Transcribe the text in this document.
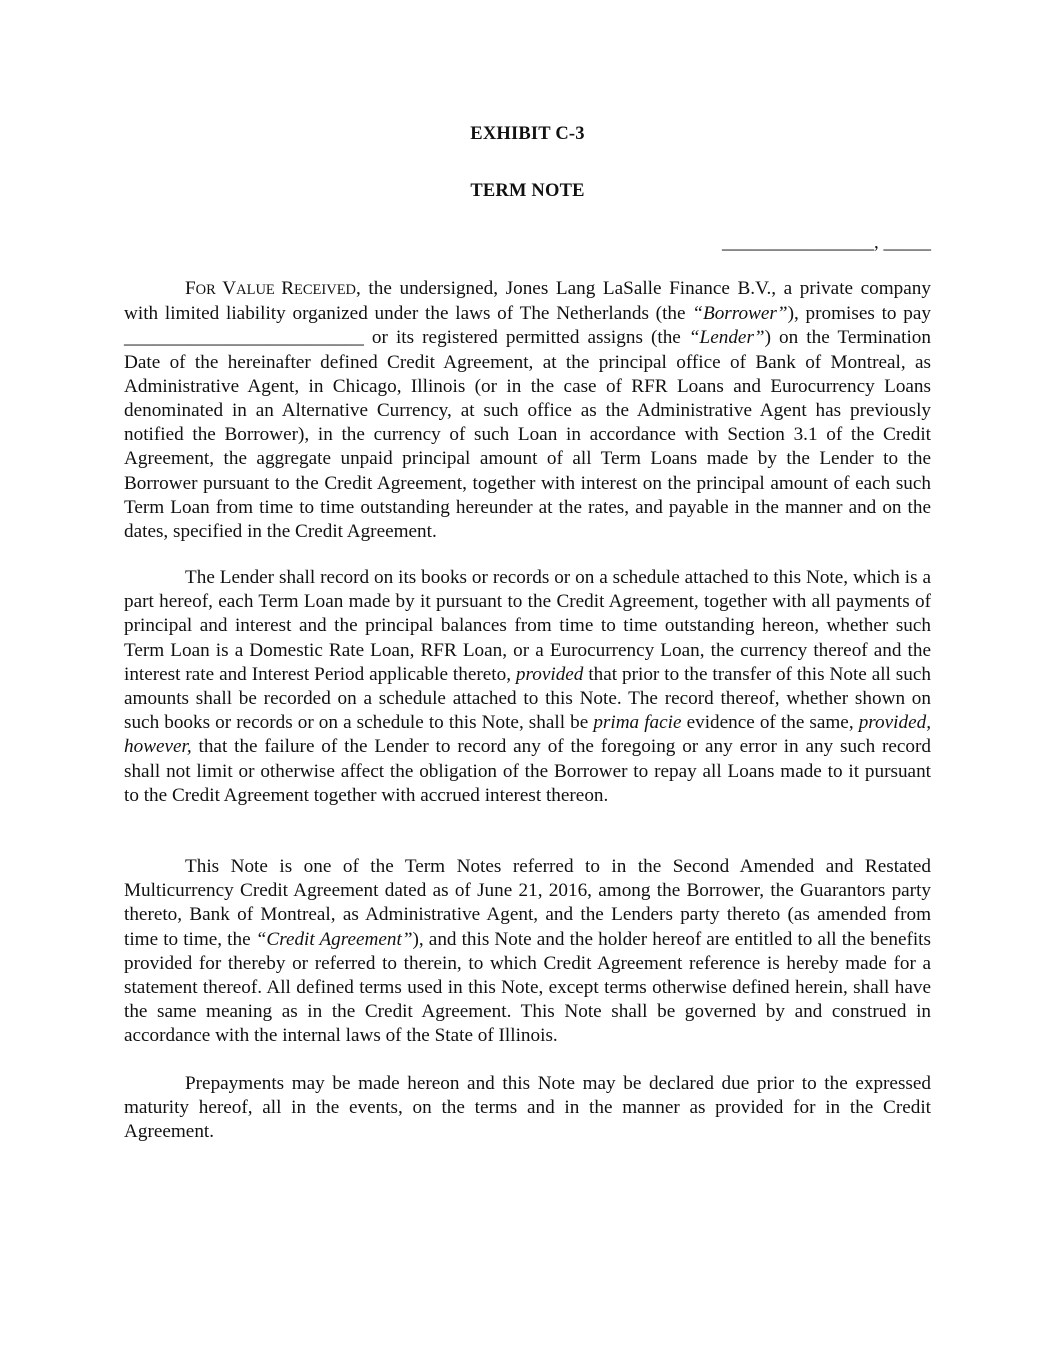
EXHIBIT C-3
TERM NOTE
________________, _____

FOR VALUE RECEIVED, the undersigned, Jones Lang LaSalle Finance B.V., a private company with limited liability organized under the laws of The Netherlands (the “Borrower”), promises to pay _________________________ or its registered permitted assigns (the “Lender”) on the Termination Date of the hereinafter defined Credit Agreement, at the principal office of Bank of Montreal, as Administrative Agent, in Chicago, Illinois (or in the case of RFR Loans and Eurocurrency Loans denominated in an Alternative Currency, at such office as the Administrative Agent has previously notified the Borrower), in the currency of such Loan in accordance with Section 3.1 of the Credit Agreement, the aggregate unpaid principal amount of all Term Loans made by the Lender to the Borrower pursuant to the Credit Agreement, together with interest on the principal amount of each such Term Loan from time to time outstanding hereunder at the rates, and payable in the manner and on the dates, specified in the Credit Agreement.

The Lender shall record on its books or records or on a schedule attached to this Note, which is a part hereof, each Term Loan made by it pursuant to the Credit Agreement, together with all payments of principal and interest and the principal balances from time to time outstanding hereon, whether such Term Loan is a Domestic Rate Loan, RFR Loan, or a Eurocurrency Loan, the currency thereof and the interest rate and Interest Period applicable thereto, provided that prior to the transfer of this Note all such amounts shall be recorded on a schedule attached to this Note. The record thereof, whether shown on such books or records or on a schedule to this Note, shall be prima facie evidence of the same, provided, however, that the failure of the Lender to record any of the foregoing or any error in any such record shall not limit or otherwise affect the obligation of the Borrower to repay all Loans made to it pursuant to the Credit Agreement together with accrued interest thereon.

This Note is one of the Term Notes referred to in the Second Amended and Restated Multicurrency Credit Agreement dated as of June 21, 2016, among the Borrower, the Guarantors party thereto, Bank of Montreal, as Administrative Agent, and the Lenders party thereto (as amended from time to time, the “Credit Agreement”), and this Note and the holder hereof are entitled to all the benefits provided for thereby or referred to therein, to which Credit Agreement reference is hereby made for a statement thereof. All defined terms used in this Note, except terms otherwise defined herein, shall have the same meaning as in the Credit Agreement. This Note shall be governed by and construed in accordance with the internal laws of the State of Illinois.

Prepayments may be made hereon and this Note may be declared due prior to the expressed maturity hereof, all in the events, on the terms and in the manner as provided for in the Credit Agreement.
